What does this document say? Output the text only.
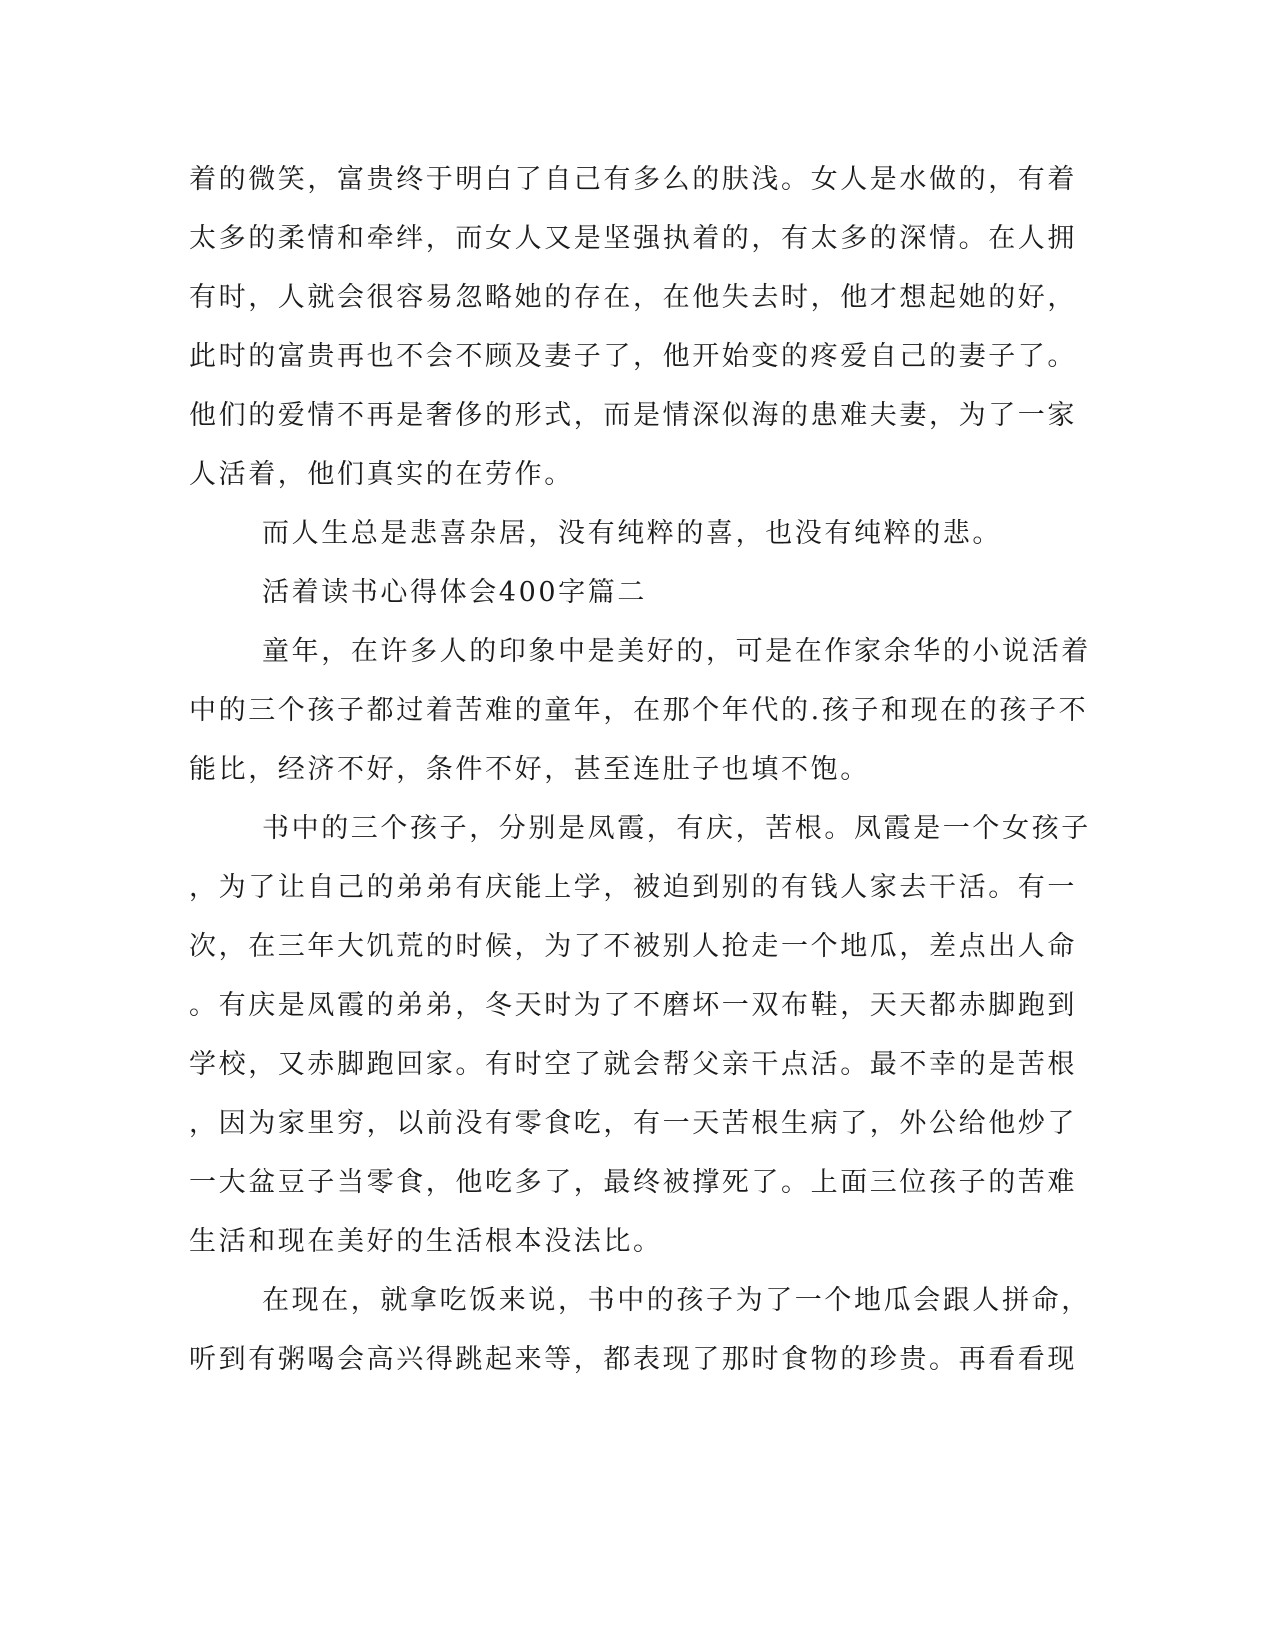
着的微笑，富贵终于明白了自己有多么的肤浅。女人是水做的，有着
太多的柔情和牵绊，而女人又是坚强执着的，有太多的深情。在人拥
有时，人就会很容易忽略她的存在，在他失去时，他才想起她的好，
此时的富贵再也不会不顾及妻子了，他开始变的疼爱自己的妻子了。
他们的爱情不再是奢侈的形式，而是情深似海的患难夫妻，为了一家
人活着，他们真实的在劳作。
而人生总是悲喜杂居，没有纯粹的喜，也没有纯粹的悲。
活着读书心得体会400字篇二
童年，在许多人的印象中是美好的，可是在作家余华的小说活着
中的三个孩子都过着苦难的童年，在那个年代的.孩子和现在的孩子不
能比，经济不好，条件不好，甚至连肚子也填不饱。
书中的三个孩子，分别是凤霞，有庆，苦根。凤霞是一个女孩子
，为了让自己的弟弟有庆能上学，被迫到别的有钱人家去干活。有一
次，在三年大饥荒的时候，为了不被别人抢走一个地瓜，差点出人命
。有庆是凤霞的弟弟，冬天时为了不磨坏一双布鞋，天天都赤脚跑到
学校，又赤脚跑回家。有时空了就会帮父亲干点活。最不幸的是苦根
，因为家里穷，以前没有零食吃，有一天苦根生病了，外公给他炒了
一大盆豆子当零食，他吃多了，最终被撑死了。上面三位孩子的苦难
生活和现在美好的生活根本没法比。
在现在，就拿吃饭来说，书中的孩子为了一个地瓜会跟人拼命，
听到有粥喝会高兴得跳起来等，都表现了那时食物的珍贵。再看看现
